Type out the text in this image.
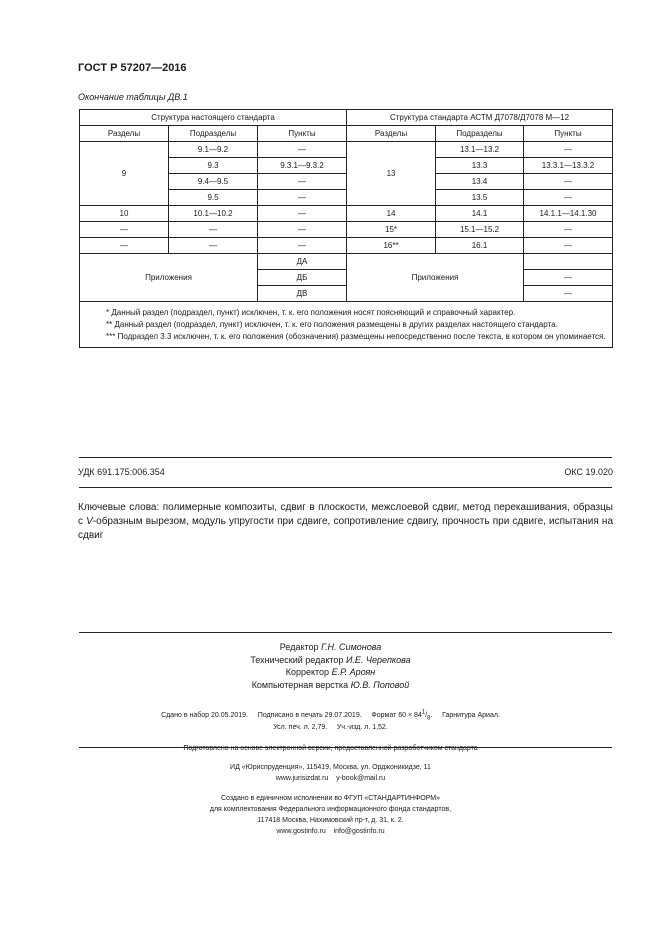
ГОСТ Р 57207—2016
Окончание таблицы ДВ.1
Структура настоящего стандарта			Структура стандарта АСТМ Д7078/Д7078 М—12		
Разделы	Подразделы	Пункты	Разделы	Подразделы	Пункты
9	9.1—9.2	—	13	13.1—13.2	—
	9.3	9.3.1—9.3.2		13.3	13.3.1—13.3.2
	9.4—9.5	—		13.4	—
	9.5	—		13.5	—
10	10.1—10.2	—	14	14.1	14.1.1—14.1.30
—	—	—	15*	15.1—15.2	—
—	—	—	16**	16.1	—
Приложения		ДА	Приложения		
		ДБ			—
		ДВ			—

* Данный раздел (подраздел, пункт) исключен, т. к. его положения носят поясняющий и справочный характер.

** Данный раздел (подраздел, пункт) исключен, т. к. его положения размещены в других разделах настоящего стандарта.

*** Подраздел 3.3 исключен, т. к. его положения (обозначения) размещены непосредственно после текста, в котором он упоминается.					

УДК 691.175:006.354	ОКС 19.020
Ключевые слова: полимерные композиты, сдвиг в плоскости, межслоевой сдвиг, метод перекашивания, образцы с V-образным вырезом, модуль упругости при сдвиге, сопротивление сдвигу, прочность при сдвиге, испытания на сдвиг
Редактор Г.Н. Симонова
Технический редактор И.Е. Черепкова
Корректор Е.Р. Ароян
Компьютерная верстка Ю.В. Поповой
Сдано в набор 20.05.2019. Подписано в печать 29.07.2019. Формат $60 \times 84^1/_8$.     Гарнитура Ариал.
Усл. печ. л. 2,79. Уч.-изд. л. 1,52.
Подготовлено на основе электронной версии, предоставленной разработчиком стандарта
ИД «Юриспруденция», 115419, Москва, ул. Орджоникидзе, 11
www.jurisizdat.ru y-book@mail.ru
Создано в единичном исполнении во ФГУП «СТАНДАРТИНФОРМ»
для комплектования Федерального информационного фонда стандартов,
117418 Москва, Нахимовский пр-т, д. 31, к. 2.
www.gostinfo.ru info@gostinfo.ru
